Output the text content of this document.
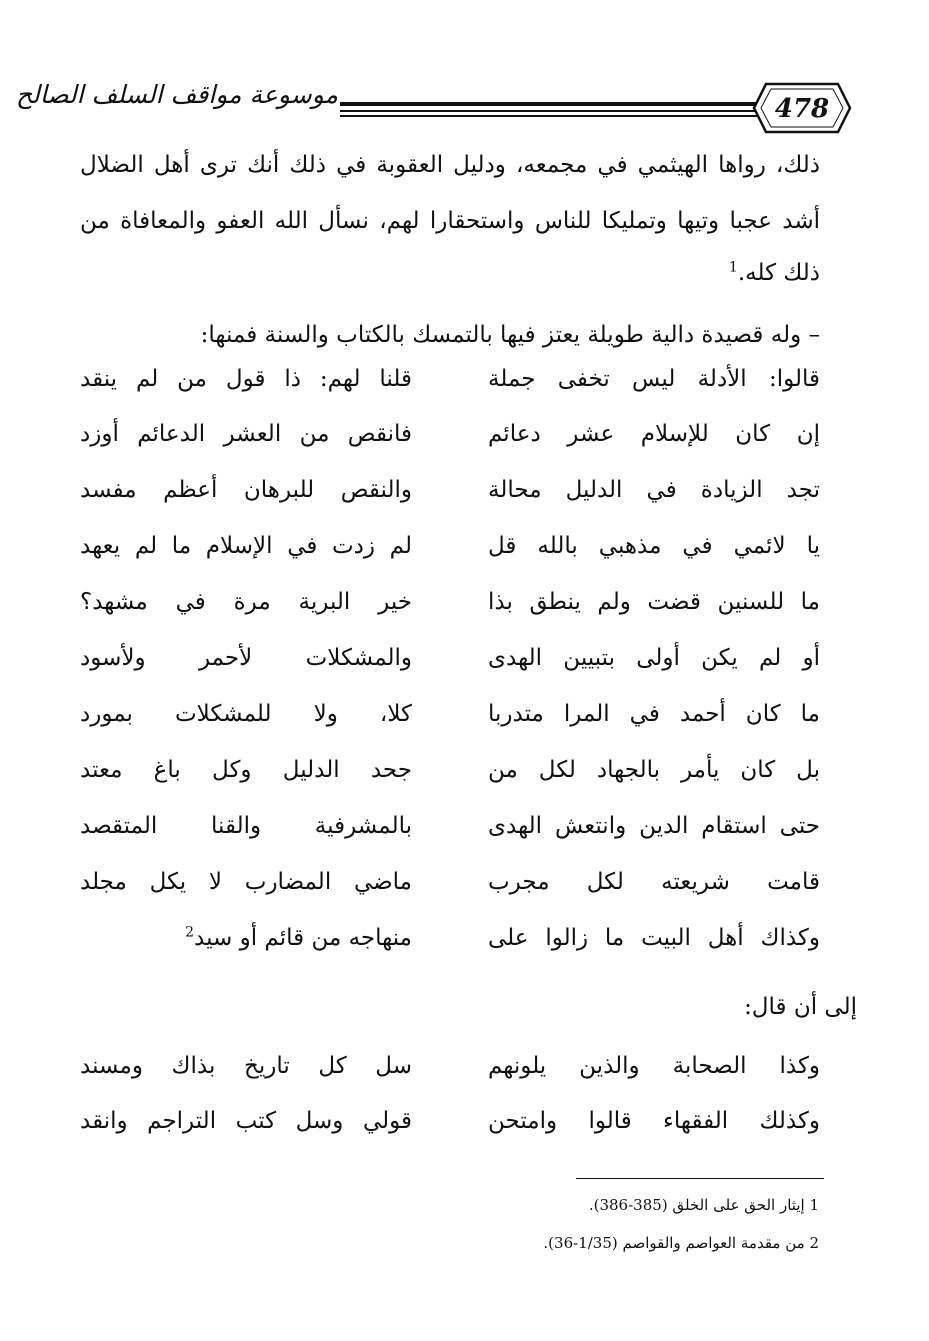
موسوعة مواقف السلف الصالح	478
ذلك، رواها الهيثمي في مجمعه، ودليل العقوبة في ذلك أنك ترى أهل الضلال
أشد عجبا وتيها وتمليكا للناس واستحقارا لهم، نسأل الله العفو والمعافاة من
ذلك كله.$^1$
– وله قصيدة دالية طويلة يعتز فيها بالتمسك بالكتاب والسنة فمنها:
قالوا: الأدلة ليس تخفى جملة
قلنا لهم: ذا قول من لم ينقد
إن كان للإسلام عشر دعائم
فانقص من العشر الدعائم أوزد
تجد الزيادة في الدليل محالة
والنقص للبرهان أعظم مفسد
يا لائمي في مذهبي بالله قل
لم زدت في الإسلام ما لم يعهد
ما للسنين قضت ولم ينطق بذا
خير البرية مرة في مشهد؟
أو لم يكن أولى بتبيين الهدى
والمشكلات لأحمر ولأسود
ما كان أحمد في المرا متدربا
كلا، ولا للمشكلات بمورد
بل كان يأمر بالجهاد لكل من
جحد الدليل وكل باغ معتد
حتى استقام الدين وانتعش الهدى
بالمشرفية والقنا المتقصد
قامت شريعته لكل مجرب
ماضي المضارب لا يكل مجلد
وكذاك أهل البيت ما زالوا على
منهاجه من قائم أو سيد$^2$
إلى أن قال:
وكذا الصحابة والذين يلونهم
سل كل تاريخ بذاك ومسند
وكذلك الفقهاء قالوا وامتحن
قولي وسل كتب التراجم وانقد
1 إيثار الحق على الخلق (385-386).
2 من مقدمة العواصم والقواصم (1/35-36).
